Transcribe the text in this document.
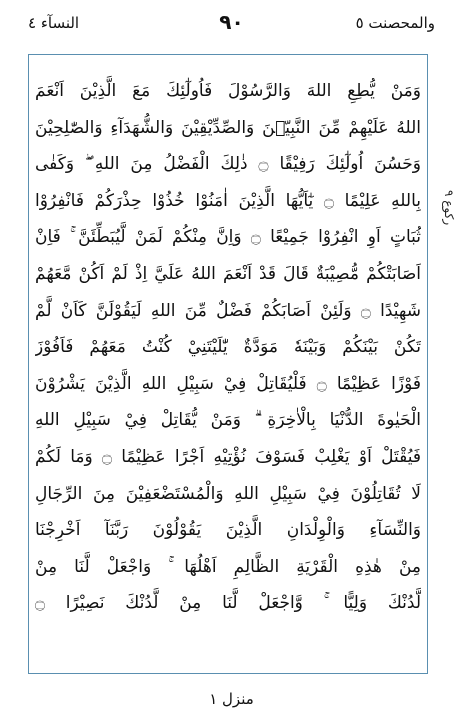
النسآء ٤	٩٠	والمحصنت ٥
وَمَنْ يُّطِعِ اللهَ وَالرَّسُوْلَ فَاُولٰٓئِكَ مَعَ الَّذِيْنَ اَنْعَمَ
اللهُ عَلَيْهِمْ مِّنَ النَّبِيّٖنَ وَالصِّدِّيْقِيْنَ وَالشُّهَدَآءِ وَالصّٰلِحِيْنَ
وَحَسُنَ اُولٰٓئِكَ رَفِيْقًا ۝ ذٰلِكَ الْفَضْلُ مِنَ اللهِ ۖ وَكَفٰى
بِاللهِ عَلِيْمًا ۝ يٰٓاَيُّهَا الَّذِيْنَ اٰمَنُوْا خُذُوْا حِذْرَكُمْ فَانْفِرُوْا
ثُبَاتٍ اَوِ انْفِرُوْا جَمِيْعًا ۝ وَاِنَّ مِنْكُمْ لَمَنْ لَّيُبَطِّئَنَّ ۚ فَاِنْ
اَصَابَتْكُمْ مُّصِيْبَةٌ قَالَ قَدْ اَنْعَمَ اللهُ عَلَيَّ اِذْ لَمْ اَكُنْ مَّعَهُمْ
شَهِيْدًا ۝ وَلَئِنْ اَصَابَكُمْ فَضْلٌ مِّنَ اللهِ لَيَقُوْلَنَّ كَاَنْ لَّمْ
تَكُنْ بَيْنَكُمْ وَبَيْنَهٗ مَوَدَّةٌ يّٰلَيْتَنِيْ كُنْتُ مَعَهُمْ فَاَفُوْزَ
فَوْزًا عَظِيْمًا ۝ فَلْيُقَاتِلْ فِيْ سَبِيْلِ اللهِ الَّذِيْنَ يَشْرُوْنَ
الْحَيٰوةَ الدُّنْيَا بِالْاٰخِرَةِ ۗ وَمَنْ يُّقَاتِلْ فِيْ سَبِيْلِ اللهِ
فَيُقْتَلْ اَوْ يَغْلِبْ فَسَوْفَ نُؤْتِيْهِ اَجْرًا عَظِيْمًا ۝ وَمَا لَكُمْ
لَا تُقَاتِلُوْنَ فِيْ سَبِيْلِ اللهِ وَالْمُسْتَضْعَفِيْنَ مِنَ الرِّجَالِ
وَالنِّسَآءِ وَالْوِلْدَانِ الَّذِيْنَ يَقُوْلُوْنَ رَبَّنَآ اَخْرِجْنَا
مِنْ هٰذِهِ الْقَرْيَةِ الظَّالِمِ اَهْلُهَا ۚ وَاجْعَلْ لَّنَا مِنْ
لَّدُنْكَ وَلِيًّا ۚ وَّاجْعَلْ لَّنَا مِنْ لَّدُنْكَ نَصِيْرًا ۝
ركوع ٩
منزل ١
